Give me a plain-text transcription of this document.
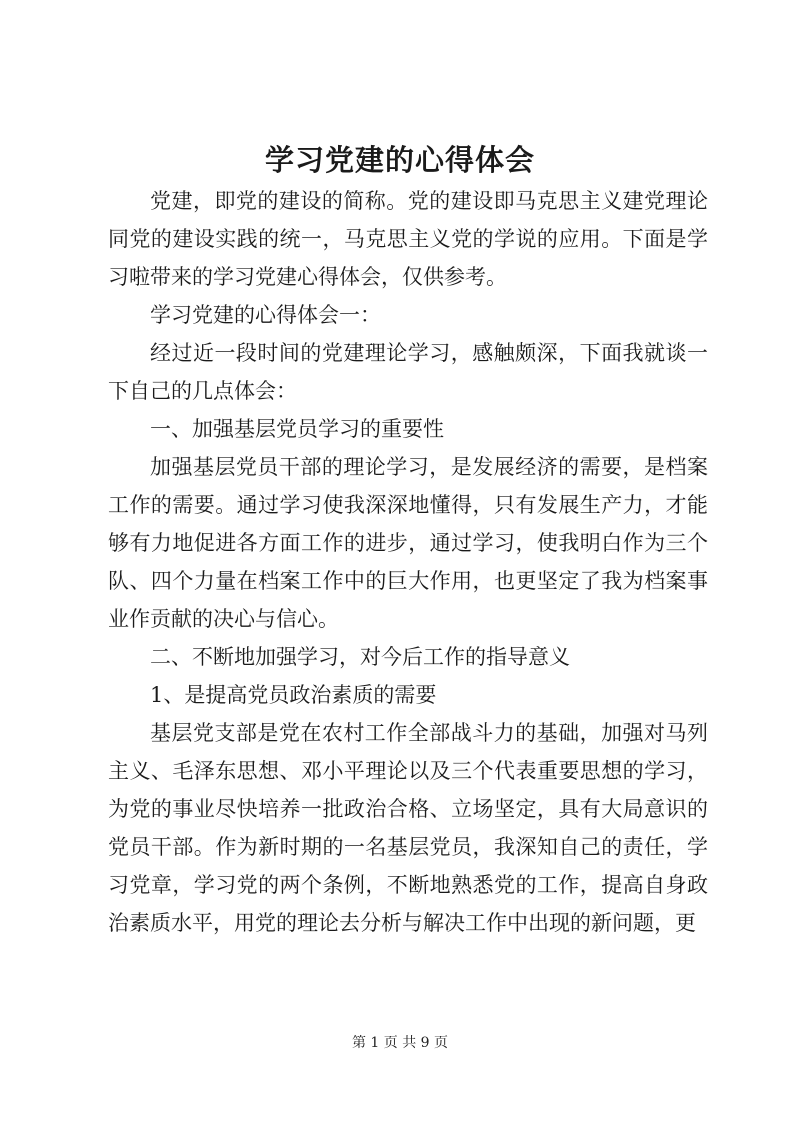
学习党建的心得体会

党建，即党的建设的简称。党的建设即马克思主义建党理论同党的建设实践的统一，马克思主义党的学说的应用。下面是学习啦带来的学习党建心得体会，仅供参考。

学习党建的心得体会一：

经过近一段时间的党建理论学习，感触颇深，下面我就谈一下自己的几点体会：

一、加强基层党员学习的重要性

加强基层党员干部的理论学习，是发展经济的需要，是档案工作的需要。通过学习使我深深地懂得，只有发展生产力，才能够有力地促进各方面工作的进步，通过学习，使我明白作为三个队、四个力量在档案工作中的巨大作用，也更坚定了我为档案事业作贡献的决心与信心。

二、不断地加强学习，对今后工作的指导意义

1、是提高党员政治素质的需要

基层党支部是党在农村工作全部战斗力的基础，加强对马列主义、毛泽东思想、邓小平理论以及三个代表重要思想的学习，为党的事业尽快培养一批政治合格、立场坚定，具有大局意识的党员干部。作为新时期的一名基层党员，我深知自己的责任，学习党章，学习党的两个条例，不断地熟悉党的工作，提高自身政治素质水平，用党的理论去分析与解决工作中出现的新问题，更

第 1 页 共 9 页
